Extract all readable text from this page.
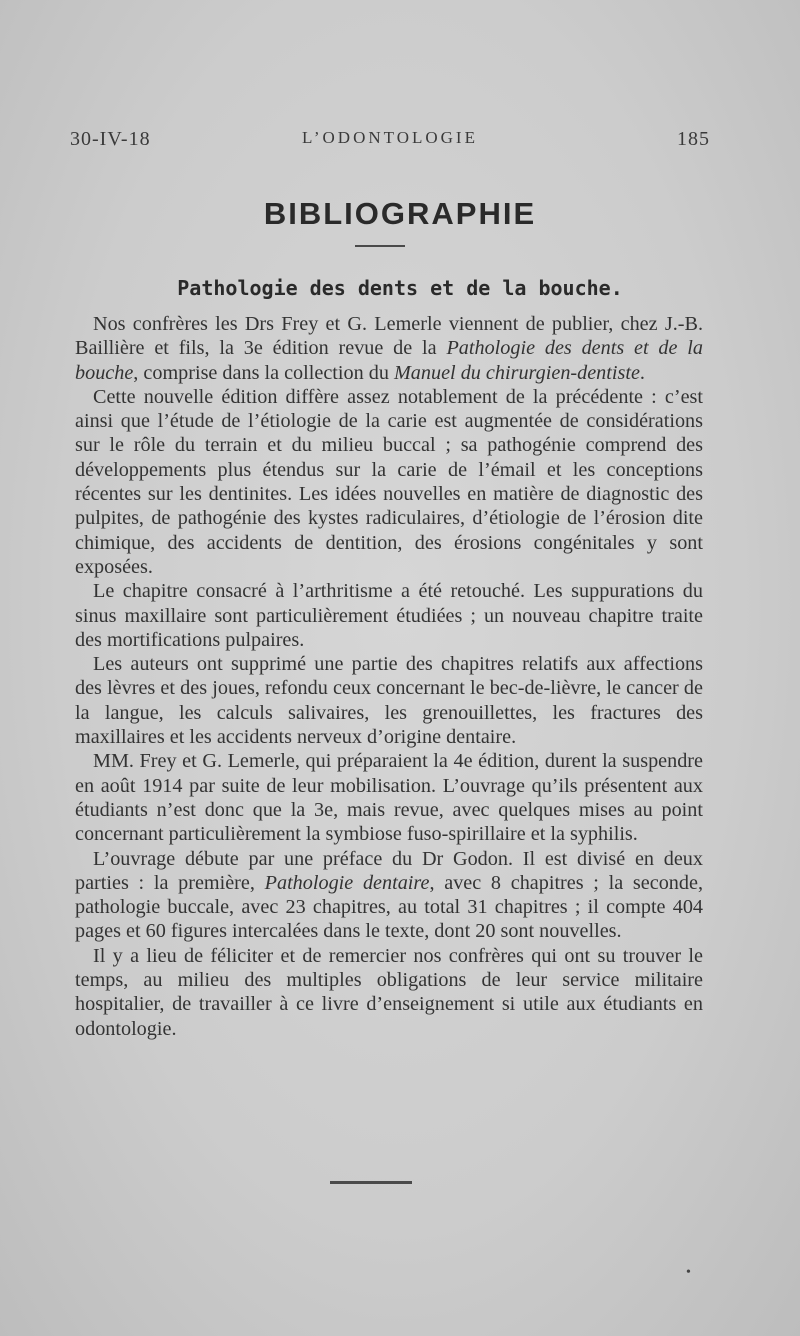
30-IV-18	L’ODONTOLOGIE	185
BIBLIOGRAPHIE
Pathologie des dents et de la bouche.

Nos confrères les Drs Frey et G. Lemerle viennent de publier, chez J.-B. Baillière et fils, la 3e édition revue de la Pathologie des dents et de la bouche, comprise dans la collection du Manuel du chirurgien-dentiste.

Cette nouvelle édition diffère assez notablement de la précédente : c’est ainsi que l’étude de l’étiologie de la carie est augmentée de considérations sur le rôle du terrain et du milieu buccal ; sa pathogénie comprend des développements plus étendus sur la carie de l’émail et les conceptions récentes sur les dentinites. Les idées nouvelles en matière de diagnostic des pulpites, de pathogénie des kystes radiculaires, d’étiologie de l’érosion dite chimique, des accidents de dentition, des érosions congénitales y sont exposées.

Le chapitre consacré à l’arthritisme a été retouché. Les suppurations du sinus maxillaire sont particulièrement étudiées ; un nouveau chapitre traite des mortifications pulpaires.

Les auteurs ont supprimé une partie des chapitres relatifs aux affections des lèvres et des joues, refondu ceux concernant le bec-de-lièvre, le cancer de la langue, les calculs salivaires, les grenouillettes, les fractures des maxillaires et les accidents nerveux d’origine dentaire.

MM. Frey et G. Lemerle, qui préparaient la 4e édition, durent la suspendre en août 1914 par suite de leur mobilisation. L’ouvrage qu’ils présentent aux étudiants n’est donc que la 3e, mais revue, avec quelques mises au point concernant particulièrement la symbiose fuso-spirillaire et la syphilis.

L’ouvrage débute par une préface du Dr Godon. Il est divisé en deux parties : la première, Pathologie dentaire, avec 8 chapitres ; la seconde, pathologie buccale, avec 23 chapitres, au total 31 chapitres ; il compte 404 pages et 60 figures intercalées dans le texte, dont 20 sont nouvelles.

Il y a lieu de féliciter et de remercier nos confrères qui ont su trouver le temps, au milieu des multiples obligations de leur service militaire hospitalier, de travailler à ce livre d’enseignement si utile aux étudiants en odontologie.

•
